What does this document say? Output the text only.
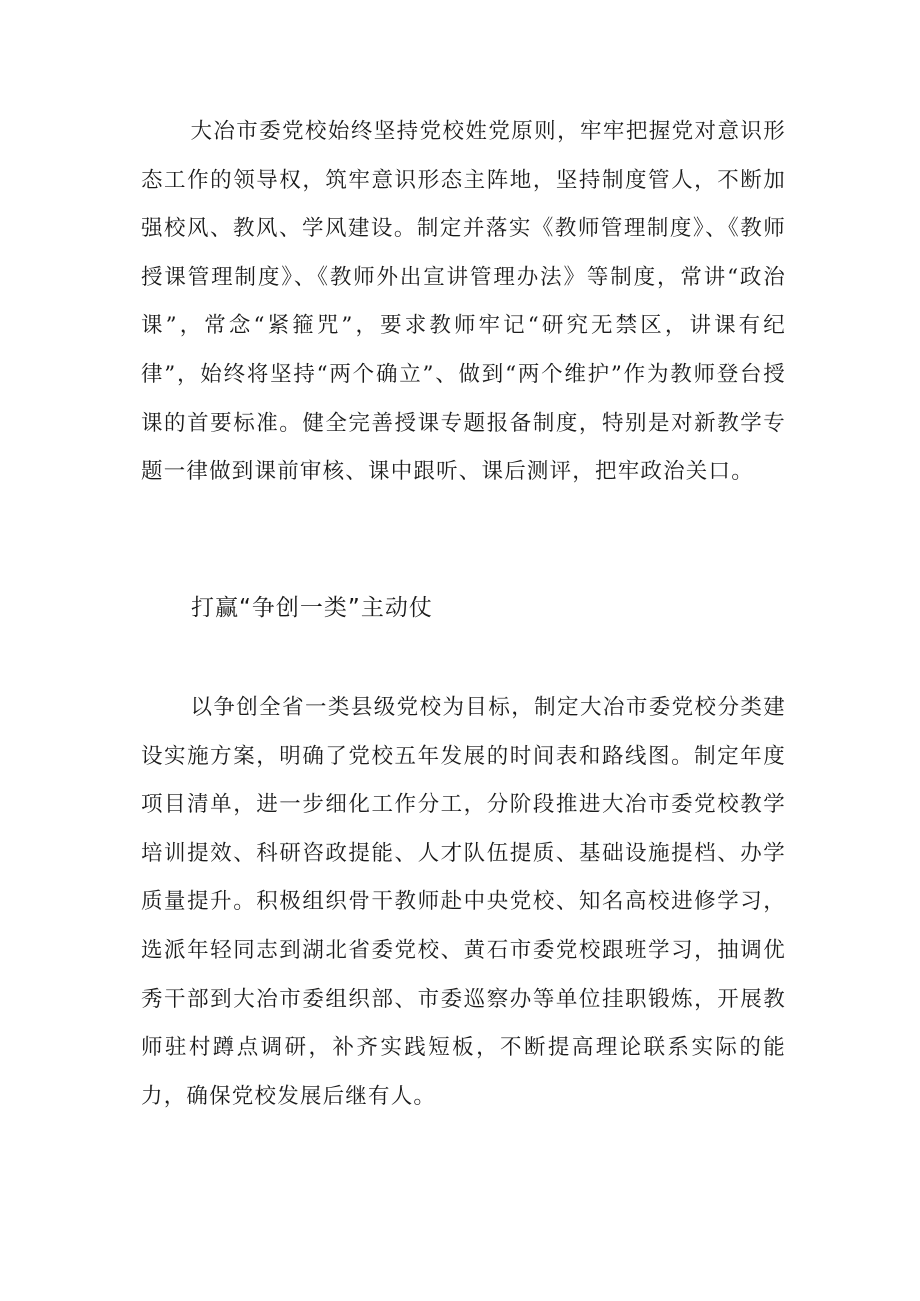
大冶市委党校始终坚持党校姓党原则，牢牢把握党对意识形态工作的领导权，筑牢意识形态主阵地，坚持制度管人，不断加强校风、教风、学风建设。制定并落实《教师管理制度》、《教师授课管理制度》、《教师外出宣讲管理办法》等制度，常讲“政治课”，常念“紧箍咒”，要求教师牢记“研究无禁区，讲课有纪律”，始终将坚持“两个确立”、做到“两个维护”作为教师登台授课的首要标准。健全完善授课专题报备制度，特别是对新教学专题一律做到课前审核、课中跟听、课后测评，把牢政治关口。

打赢“争创一类”主动仗

以争创全省一类县级党校为目标，制定大冶市委党校分类建设实施方案，明确了党校五年发展的时间表和路线图。制定年度项目清单，进一步细化工作分工，分阶段推进大冶市委党校教学培训提效、科研咨政提能、人才队伍提质、基础设施提档、办学质量提升。积极组织骨干教师赴中央党校、知名高校进修学习，选派年轻同志到湖北省委党校、黄石市委党校跟班学习，抽调优秀干部到大冶市委组织部、市委巡察办等单位挂职锻炼，开展教师驻村蹲点调研，补齐实践短板，不断提高理论联系实际的能力，确保党校发展后继有人。
